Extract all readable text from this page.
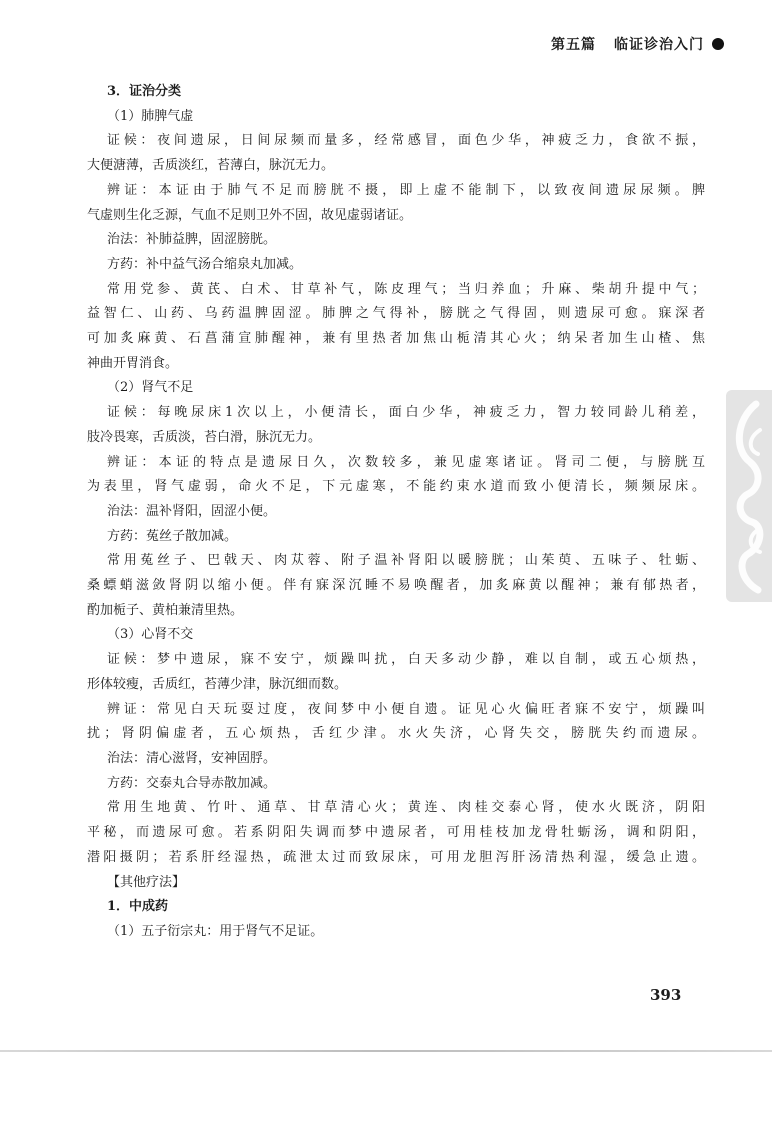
第五篇 临证诊治入门
3．证治分类
（1）肺脾气虚
证候：夜间遗尿，日间尿频而量多，经常感冒，面色少华，神疲乏力，食欲不振，
大便溏薄，舌质淡红，苔薄白，脉沉无力。
辨证：本证由于肺气不足而膀胱不摄，即上虚不能制下，以致夜间遗尿尿频。脾
气虚则生化乏源，气血不足则卫外不固，故见虚弱诸证。
治法：补肺益脾，固涩膀胱。
方药：补中益气汤合缩泉丸加减。
常用党参、黄芪、白术、甘草补气，陈皮理气；当归养血；升麻、柴胡升提中气；
益智仁、山药、乌药温脾固涩。肺脾之气得补，膀胱之气得固，则遗尿可愈。寐深者
可加炙麻黄、石菖蒲宣肺醒神，兼有里热者加焦山栀清其心火；纳呆者加生山楂、焦
神曲开胃消食。
（2）肾气不足
证候：每晚尿床1次以上，小便清长，面白少华，神疲乏力，智力较同龄儿稍差，
肢冷畏寒，舌质淡，苔白滑，脉沉无力。
辨证：本证的特点是遗尿日久，次数较多，兼见虚寒诸证。肾司二便，与膀胱互
为表里，肾气虚弱，命火不足，下元虚寒，不能约束水道而致小便清长，频频尿床。
治法：温补肾阳，固涩小便。
方药：菟丝子散加减。
常用菟丝子、巴戟天、肉苁蓉、附子温补肾阳以暖膀胱；山茱萸、五味子、牡蛎、
桑螵蛸滋敛肾阴以缩小便。伴有寐深沉睡不易唤醒者，加炙麻黄以醒神；兼有郁热者，
酌加栀子、黄柏兼清里热。
（3）心肾不交
证候：梦中遗尿，寐不安宁，烦躁叫扰，白天多动少静，难以自制，或五心烦热，
形体较瘦，舌质红，苔薄少津，脉沉细而数。
辨证：常见白天玩耍过度，夜间梦中小便自遗。证见心火偏旺者寐不安宁，烦躁叫
扰；肾阴偏虚者，五心烦热，舌红少津。水火失济，心肾失交，膀胱失约而遗尿。
治法：清心滋肾，安神固脬。
方药：交泰丸合导赤散加减。
常用生地黄、竹叶、通草、甘草清心火；黄连、肉桂交泰心肾，使水火既济，阴阳
平秘，而遗尿可愈。若系阴阳失调而梦中遗尿者，可用桂枝加龙骨牡蛎汤，调和阴阳，
潜阳摄阴；若系肝经湿热，疏泄太过而致尿床，可用龙胆泻肝汤清热利湿，缓急止遗。
【其他疗法】
1．中成药
（1）五子衍宗丸：用于肾气不足证。
393
